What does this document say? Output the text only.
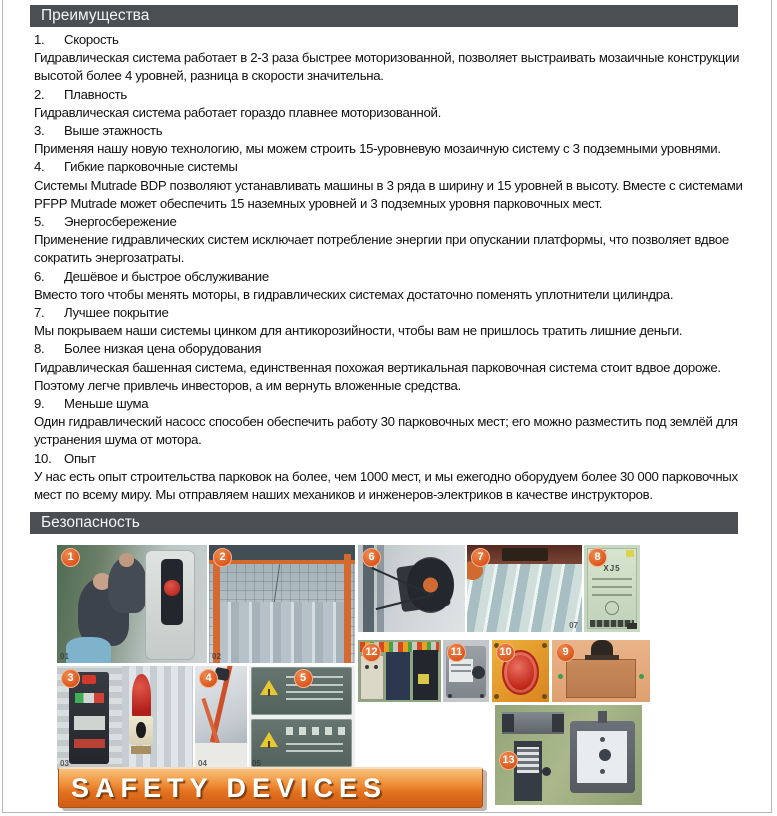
Преимущества
1. Скорость

Гидравлическая система работает в 2-3 раза быстрее моторизованной, позволяет выстраивать мозаичные конструкции высотой более 4 уровней, разница в скорости значительна.

2. Плавность

Гидравлическая система работает гораздо плавнее моторизованной.

3. Выше этажность

Применяя нашу новую технологию, мы можем строить 15-уровневую мозаичную систему с 3 подземными уровнями.

4. Гибкие парковочные системы

Системы Mutrade BDP позволяют устанавливать машины в 3 ряда в ширину и 15 уровней в высоту. Вместе с системами PFPP Mutrade может обеспечить 15 наземных уровней и 3 подземных уровня парковочных мест.

5. Энергосбережение

Применение гидравлических систем исключает потребление энергии при опускании платформы, что позволяет вдвое сократить энергозатраты.

6. Дешёвое и быстрое обслуживание

Вместо того чтобы менять моторы, в гидравлических системах достаточно поменять уплотнители цилиндра.

7. Лучшее покрытие

Мы покрываем наши системы цинком для антикорозийности, чтобы вам не пришлось тратить лишние деньги.

8. Более низкая цена оборудования

Гидравлическая башенная система, единственная похожая вертикальная парковочная система стоит вдвое дороже. Поэтому легче привлечь инвесторов, а им вернуть вложенные средства.

9. Меньше шума

Один гидравлический насосс способен обеспечить работу 30 парковочных мест; его можно разместить под землёй для устранения шума от мотора.

10. Опыт

У нас есть опыт строительства парковок на более, чем 1000 мест, и мы ежегодно оборудуем более 30 000 парковочных мест по всему миру. Мы отправляем наших механиков и инженеров-электриков в качестве инструкторов.

Безопасность
1
01
2
02
3
03
4
04
5
05
6	7
07
XJ5
8
12	11	10	9
13
SAFETY DEVICES
